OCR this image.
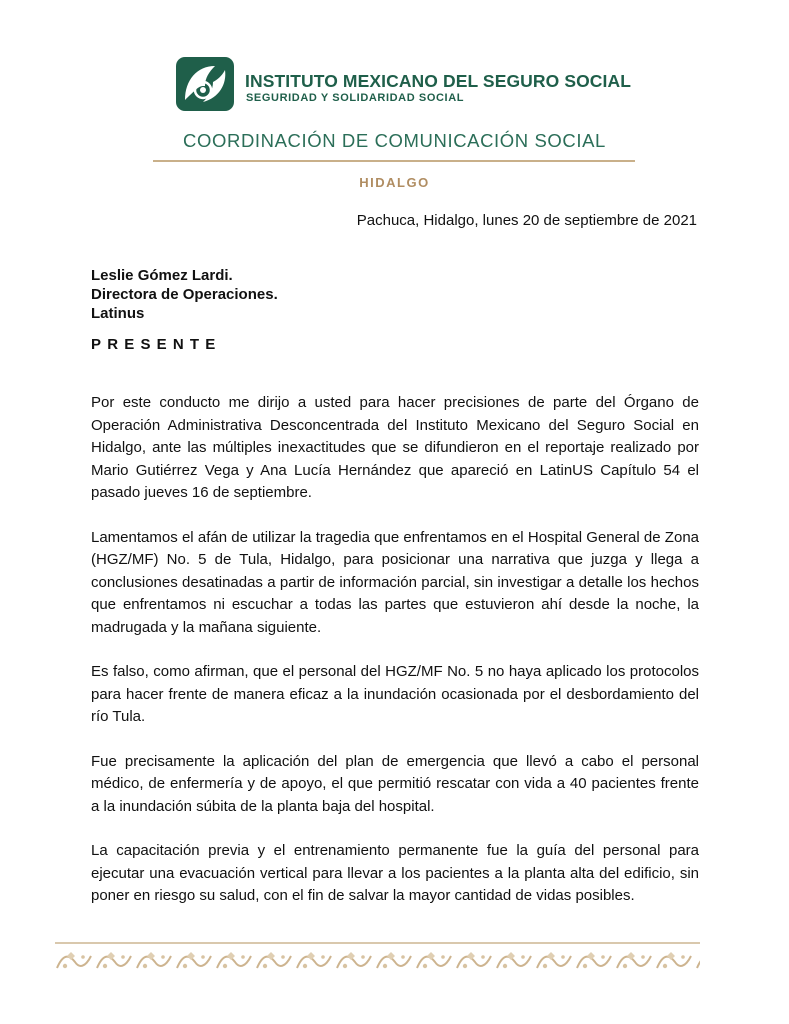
INSTITUTO MEXICANO DEL SEGURO SOCIAL
SEGURIDAD Y SOLIDARIDAD SOCIAL
COORDINACIÓN DE COMUNICACIÓN SOCIAL
HIDALGO
Pachuca, Hidalgo, lunes 20 de septiembre de 2021
Leslie Gómez Lardi.
Directora de Operaciones.
Latinus
PRESENTE

Por este conducto me dirijo a usted para hacer precisiones de parte del Órgano de Operación Administrativa Desconcentrada del Instituto Mexicano del Seguro Social en Hidalgo, ante las múltiples inexactitudes que se difundieron en el reportaje realizado por Mario Gutiérrez Vega y Ana Lucía Hernández que apareció en LatinUS Capítulo 54 el pasado jueves 16 de septiembre.

Lamentamos el afán de utilizar la tragedia que enfrentamos en el Hospital General de Zona (HGZ/MF) No. 5 de Tula, Hidalgo, para posicionar una narrativa que juzga y llega a conclusiones desatinadas a partir de información parcial, sin investigar a detalle los hechos que enfrentamos ni escuchar a todas las partes que estuvieron ahí desde la noche, la madrugada y la mañana siguiente.

Es falso, como afirman, que el personal del HGZ/MF No. 5 no haya aplicado los protocolos para hacer frente de manera eficaz a la inundación ocasionada por el desbordamiento del río Tula.

Fue precisamente la aplicación del plan de emergencia que llevó a cabo el personal médico, de enfermería y de apoyo, el que permitió rescatar con vida a 40 pacientes frente a la inundación súbita de la planta baja del hospital.

La capacitación previa y el entrenamiento permanente fue la guía del personal para ejecutar una evacuación vertical para llevar a los pacientes a la planta alta del edificio, sin poner en riesgo su salud, con el fin de salvar la mayor cantidad de vidas posibles.
